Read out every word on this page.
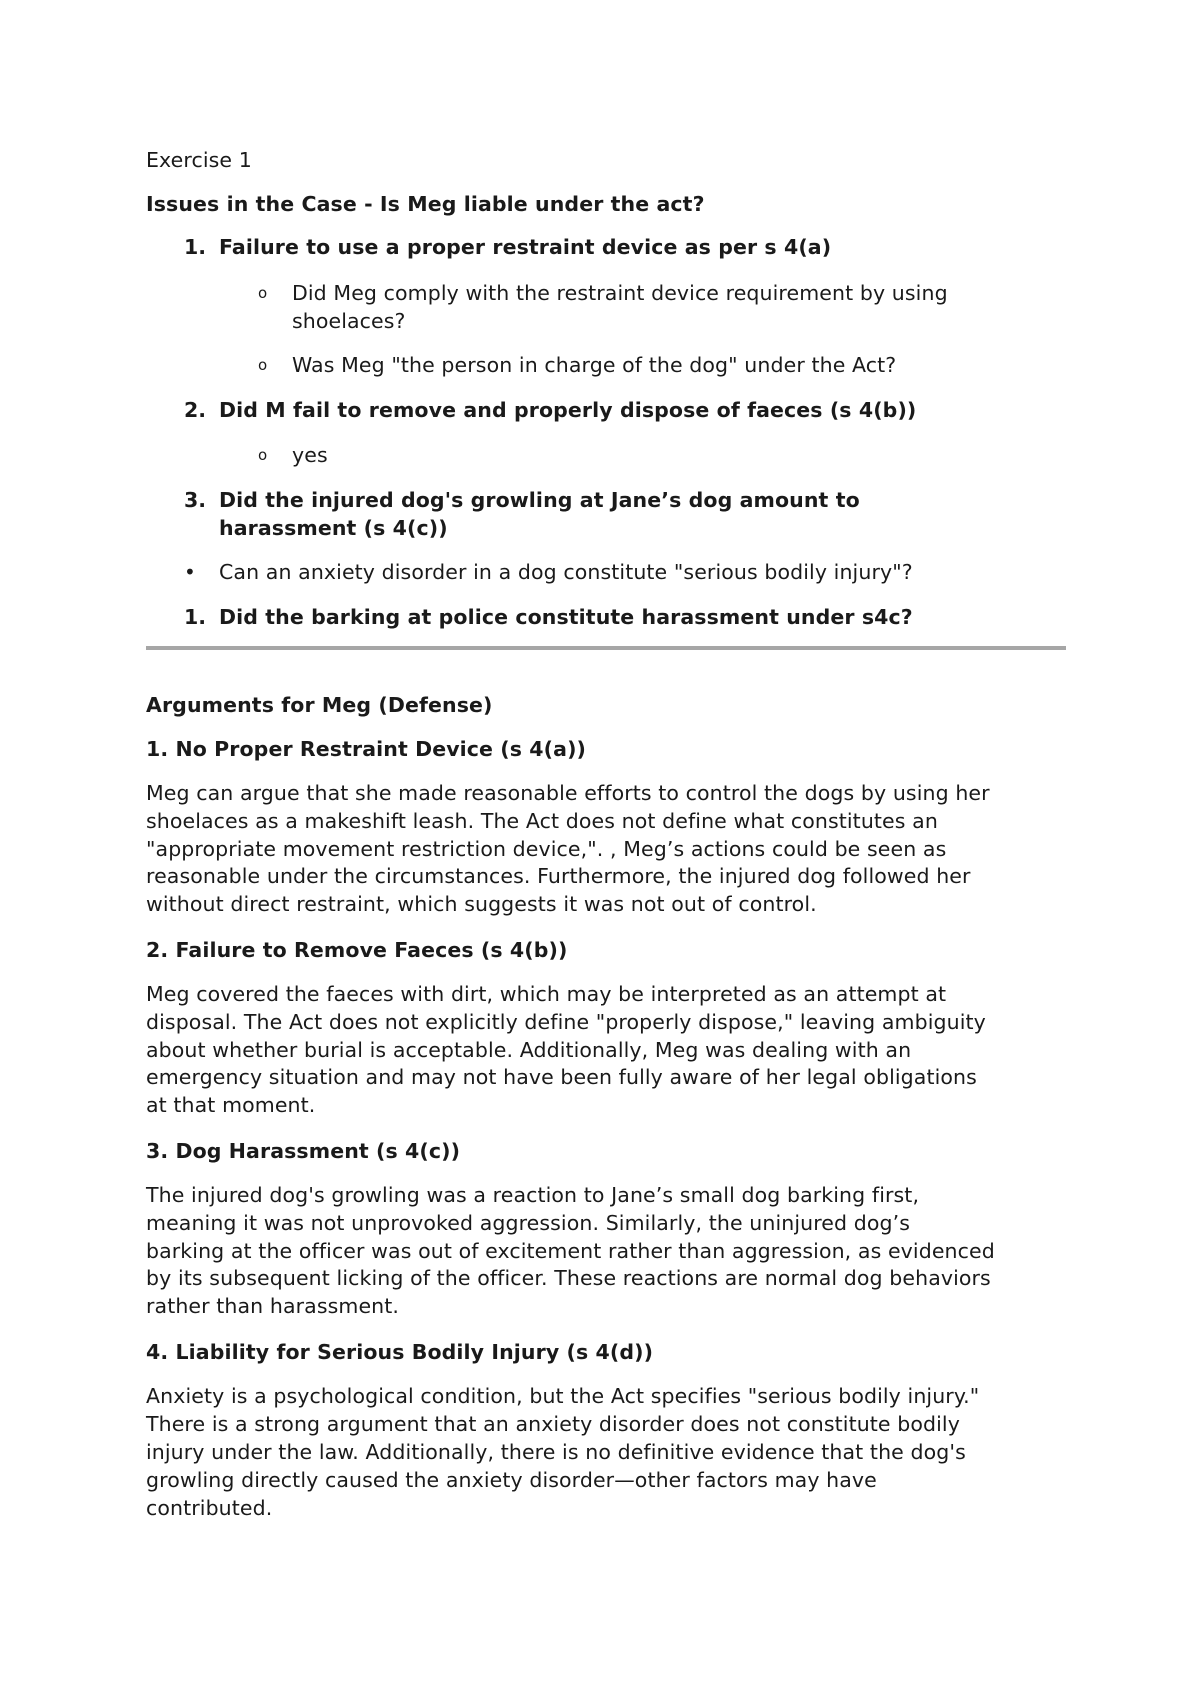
Exercise 1
Issues in the Case - Is Meg liable under the act?
1. Failure to use a proper restraint device as per s 4(a)
o Did Meg comply with the restraint device requirement by using
shoelaces?
o Was Meg "the person in charge of the dog" under the Act?
2. Did M fail to remove and properly dispose of faeces (s 4(b))
o yes
3. Did the injured dog's growling at Jane’s dog amount to
harassment (s 4(c))
• Can an anxiety disorder in a dog constitute "serious bodily injury"?
1. Did the barking at police constitute harassment under s4c?
Arguments for Meg (Defense)
1. No Proper Restraint Device (s 4(a))
Meg can argue that she made reasonable efforts to control the dogs by using her
shoelaces as a makeshift leash. The Act does not define what constitutes an
"appropriate movement restriction device,". , Meg’s actions could be seen as
reasonable under the circumstances. Furthermore, the injured dog followed her
without direct restraint, which suggests it was not out of control.
2. Failure to Remove Faeces (s 4(b))
Meg covered the faeces with dirt, which may be interpreted as an attempt at
disposal. The Act does not explicitly define "properly dispose," leaving ambiguity
about whether burial is acceptable. Additionally, Meg was dealing with an
emergency situation and may not have been fully aware of her legal obligations
at that moment.
3. Dog Harassment (s 4(c))
The injured dog's growling was a reaction to Jane’s small dog barking first,
meaning it was not unprovoked aggression. Similarly, the uninjured dog’s
barking at the officer was out of excitement rather than aggression, as evidenced
by its subsequent licking of the officer. These reactions are normal dog behaviors
rather than harassment.
4. Liability for Serious Bodily Injury (s 4(d))
Anxiety is a psychological condition, but the Act specifies "serious bodily injury."
There is a strong argument that an anxiety disorder does not constitute bodily
injury under the law. Additionally, there is no definitive evidence that the dog's
growling directly caused the anxiety disorder—other factors may have
contributed.
